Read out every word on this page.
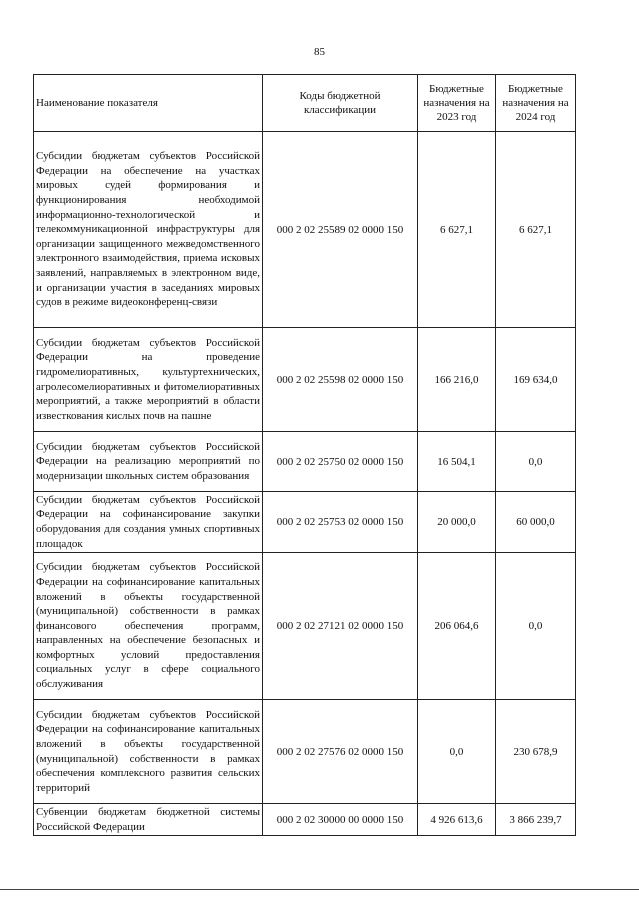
85
Наименование показателя	Коды бюджетной классификации	Бюджетные назначения на 2023 год	Бюджетные назначения на 2024 год
Субсидии бюджетам субъектов Российской Федерации на обеспечение на участках мировых судей формирования и функционирования необходимой информационно-технологической и телекоммуникационной инфраструктуры для организации защищенного межведомственного электронного взаимодействия, приема исковых заявлений, направляемых в электронном виде, и организации участия в заседаниях мировых судов в режиме видеоконференц-связи	000 2 02 25589 02 0000 150	6 627,1	6 627,1
Субсидии бюджетам субъектов Российской Федерации на проведение гидромелиоративных, культуртехнических, агролесомелиоративных и фитомелиоративных мероприятий, а также мероприятий в области известкования кислых почв на пашне	000 2 02 25598 02 0000 150	166 216,0	169 634,0
Субсидии бюджетам субъектов Российской Федерации на реализацию мероприятий по модернизации школьных систем образования	000 2 02 25750 02 0000 150	16 504,1	0,0
Субсидии бюджетам субъектов Российской Федерации на софинансирование закупки оборудования для создания умных спортивных площадок	000 2 02 25753 02 0000 150	20 000,0	60 000,0
Субсидии бюджетам субъектов Российской Федерации на софинансирование капитальных вложений в объекты государственной (муниципальной) собственности в рамках финансового обеспечения программ, направленных на обеспечение безопасных и комфортных условий предоставления социальных услуг в сфере социального обслуживания	000 2 02 27121 02 0000 150	206 064,6	0,0
Субсидии бюджетам субъектов Российской Федерации на софинансирование капитальных вложений в объекты государственной (муниципальной) собственности в рамках обеспечения комплексного развития сельских территорий	000 2 02 27576 02 0000 150	0,0	230 678,9
Субвенции бюджетам бюджетной системы Российской Федерации	000 2 02 30000 00 0000 150	4 926 613,6	3 866 239,7
